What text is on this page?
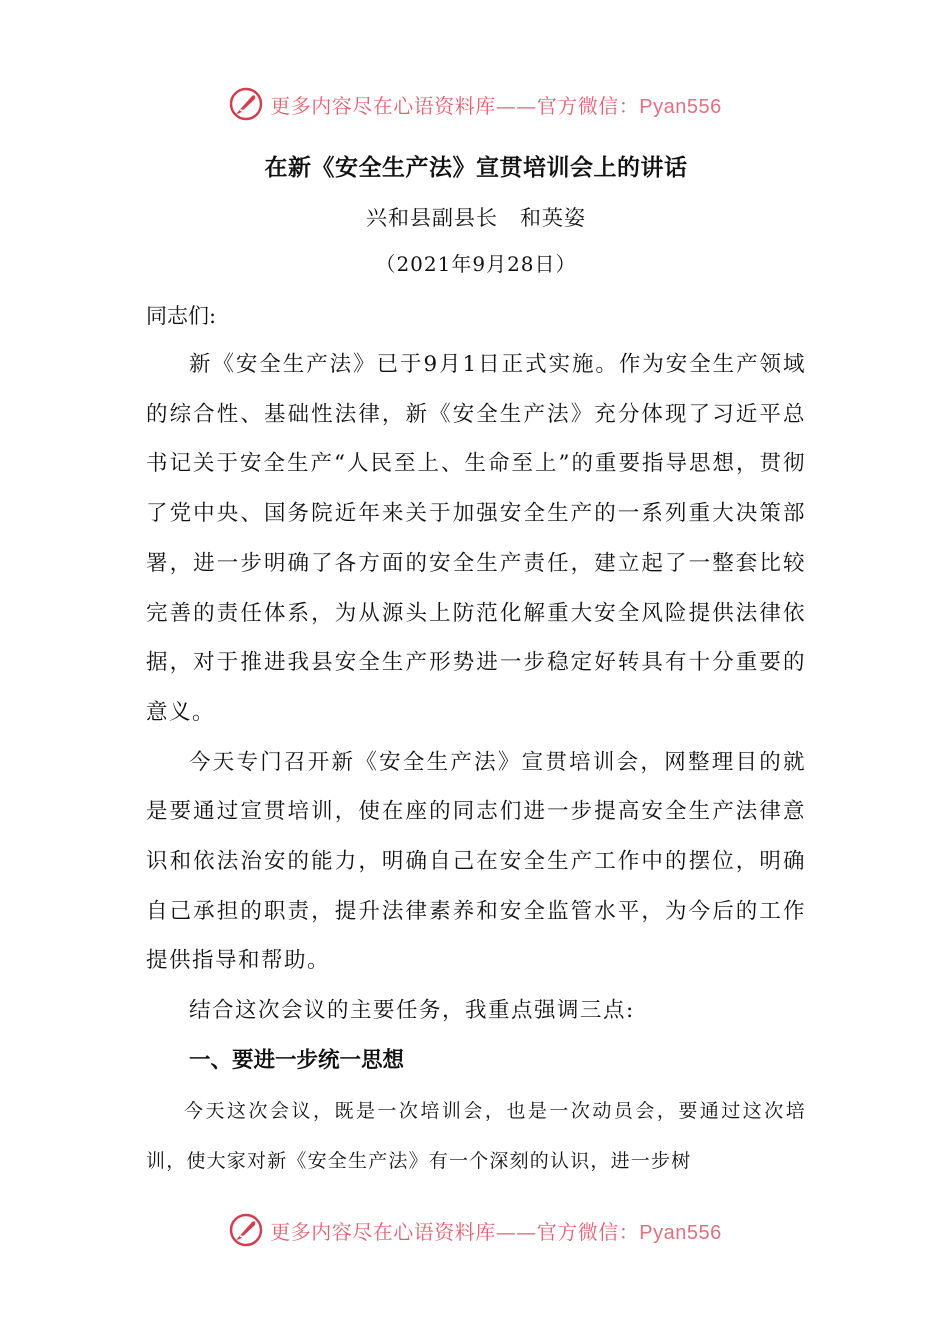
更多内容尽在心语资料库——官方微信：Pyan556
在新《安全生产法》宣贯培训会上的讲话
兴和县副县长　和英姿
（2021年9月28日）
同志们:

新《安全生产法》已于9月1日正式实施。作为安全生产领域的综合性、基础性法律，新《安全生产法》充分体现了习近平总书记关于安全生产“人民至上、生命至上”的重要指导思想，贯彻了党中央、国务院近年来关于加强安全生产的一系列重大决策部署，进一步明确了各方面的安全生产责任，建立起了一整套比较完善的责任体系，为从源头上防范化解重大安全风险提供法律依据，对于推进我县安全生产形势进一步稳定好转具有十分重要的意义。

今天专门召开新《安全生产法》宣贯培训会，网整理目的就是要通过宣贯培训，使在座的同志们进一步提高安全生产法律意识和依法治安的能力，明确自己在安全生产工作中的摆位，明确自己承担的职责，提升法律素养和安全监管水平，为今后的工作提供指导和帮助。

结合这次会议的主要任务，我重点强调三点:

一、要进一步统一思想

今天这次会议，既是一次培训会，也是一次动员会，要通过这次培训，使大家对新《安全生产法》有一个深刻的认识，进一步树

更多内容尽在心语资料库——官方微信：Pyan556
